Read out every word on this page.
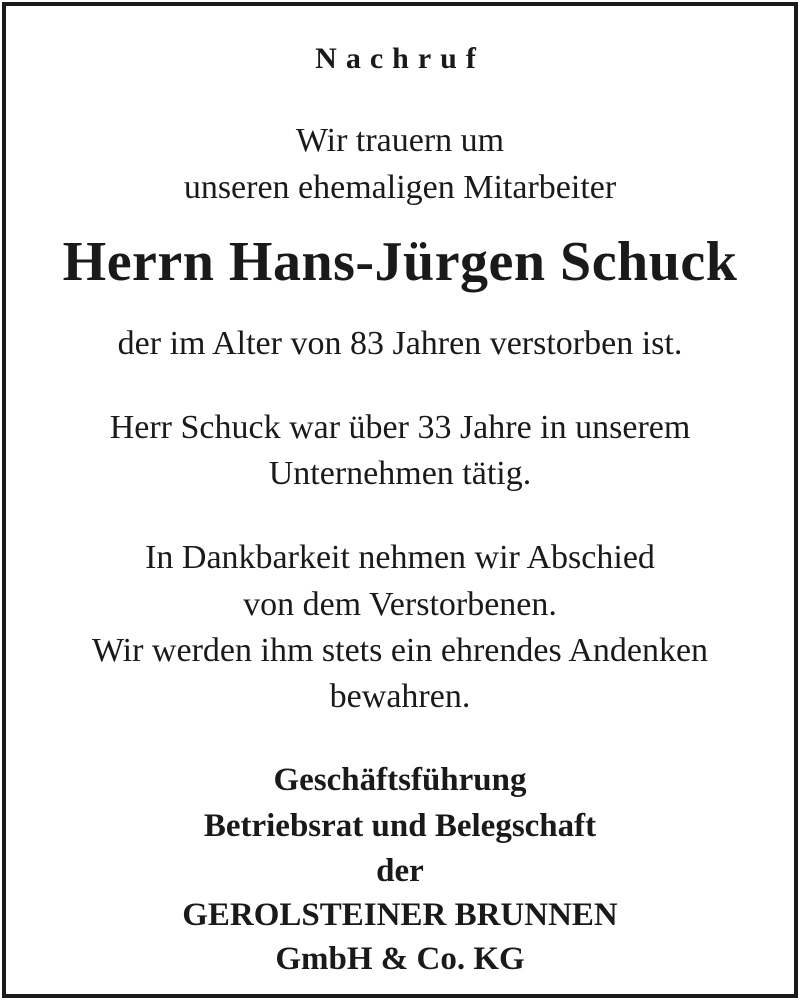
Nachruf

Wir trauern um

unseren ehemaligen Mitarbeiter

Herrn Hans-Jürgen Schuck

der im Alter von 83 Jahren verstorben ist.

Herr Schuck war über 33 Jahre in unserem

Unternehmen tätig.

In Dankbarkeit nehmen wir Abschied

von dem Verstorbenen.

Wir werden ihm stets ein ehrendes Andenken

bewahren.

Geschäftsführung

Betriebsrat und Belegschaft

der

GEROLSTEINER BRUNNEN

GmbH & Co. KG
